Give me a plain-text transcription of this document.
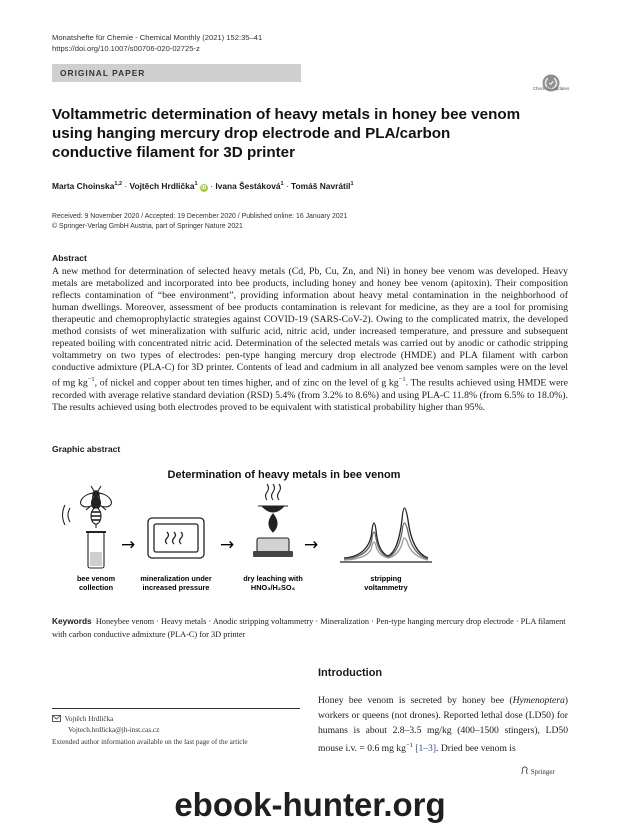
Monatshefte für Chemie - Chemical Monthly (2021) 152:35–41
https://doi.org/10.1007/s00706-020-02725-z
ORIGINAL PAPER
Check for updates
Voltammetric determination of heavy metals in honey bee venom using hanging mercury drop electrode and PLA/carbon conductive filament for 3D printer
Marta Choinska$^{1,2}$ · Vojtěch Hrdlička$^1$ iD · Ivana Šestáková$^1$ · Tomáš Navrátil$^1$
Received: 9 November 2020 / Accepted: 19 December 2020 / Published online: 16 January 2021
© Springer-Verlag GmbH Austria, part of Springer Nature 2021
Abstract
A new method for determination of selected heavy metals (Cd, Pb, Cu, Zn, and Ni) in honey bee venom was developed. Heavy metals are metabolized and incorporated into bee products, including honey and honey bee venom (apitoxin). Their composition reflects contamination of “bee environment”, providing information about heavy metal contamination in the neighborhood of human dwellings. Moreover, assessment of bee products contamination is relevant for medicine, as they are a tool for promising therapeutic and chemoprophylactic strategies against COVID-19 (SARS-CoV-2). Owing to the complicated matrix, the developed method consists of wet mineralization with sulfuric acid, nitric acid, under increased temperature, and pressure and subsequent repeated boiling with concentrated nitric acid. Determination of the selected metals was carried out by anodic or cathodic stripping voltammetry on two types of electrodes: pen-type hanging mercury drop electrode (HMDE) and PLA filament with carbon conductive admixture (PLA-C) for 3D printer. Contents of lead and cadmium in all analyzed bee venom samples were on the level of mg $kg^{-1}$, of nickel and copper about ten times higher, and of zinc on the level of g $kg^{-1}$. The results achieved using HMDE were recorded with average relative standard deviation (RSD) 5.4% (from 3.2% to 8.6%) and using PLA-C 11.8% (from 6.5% to 18.0%). The results achieved using both electrodes proved to be equivalent with statistical probability higher than 95%.
Graphic abstract
Determination of heavy metals in bee venom
bee venom
collection
→
mineralization under
increased pressure
→
dry leaching with
HNO₃/H₂SO₄
→
stripping
voltammetry
Keywords Honeybee venom · Heavy metals · Anodic stripping voltammetry · Mineralization · Pen-type hanging mercury drop electrode · PLA filament with carbon conductive admixture (PLA-C) for 3D printer
Introduction
Honey bee venom is secreted by honey bee (Hymenoptera) workers or queens (not drones). Reported lethal dose (LD50) for humans is about 2.8–3.5 mg/kg (400–1500 stingers), LD50 mouse i.v. = 0.6 mg $kg^{-1}$ [1–3]. Dried bee venom is
Vojtěch Hrdlička
Vojtech.hrdlicka@jh-inst.cas.cz
Extended author information available on the last page of the article
Springer
ebook-hunter.org
